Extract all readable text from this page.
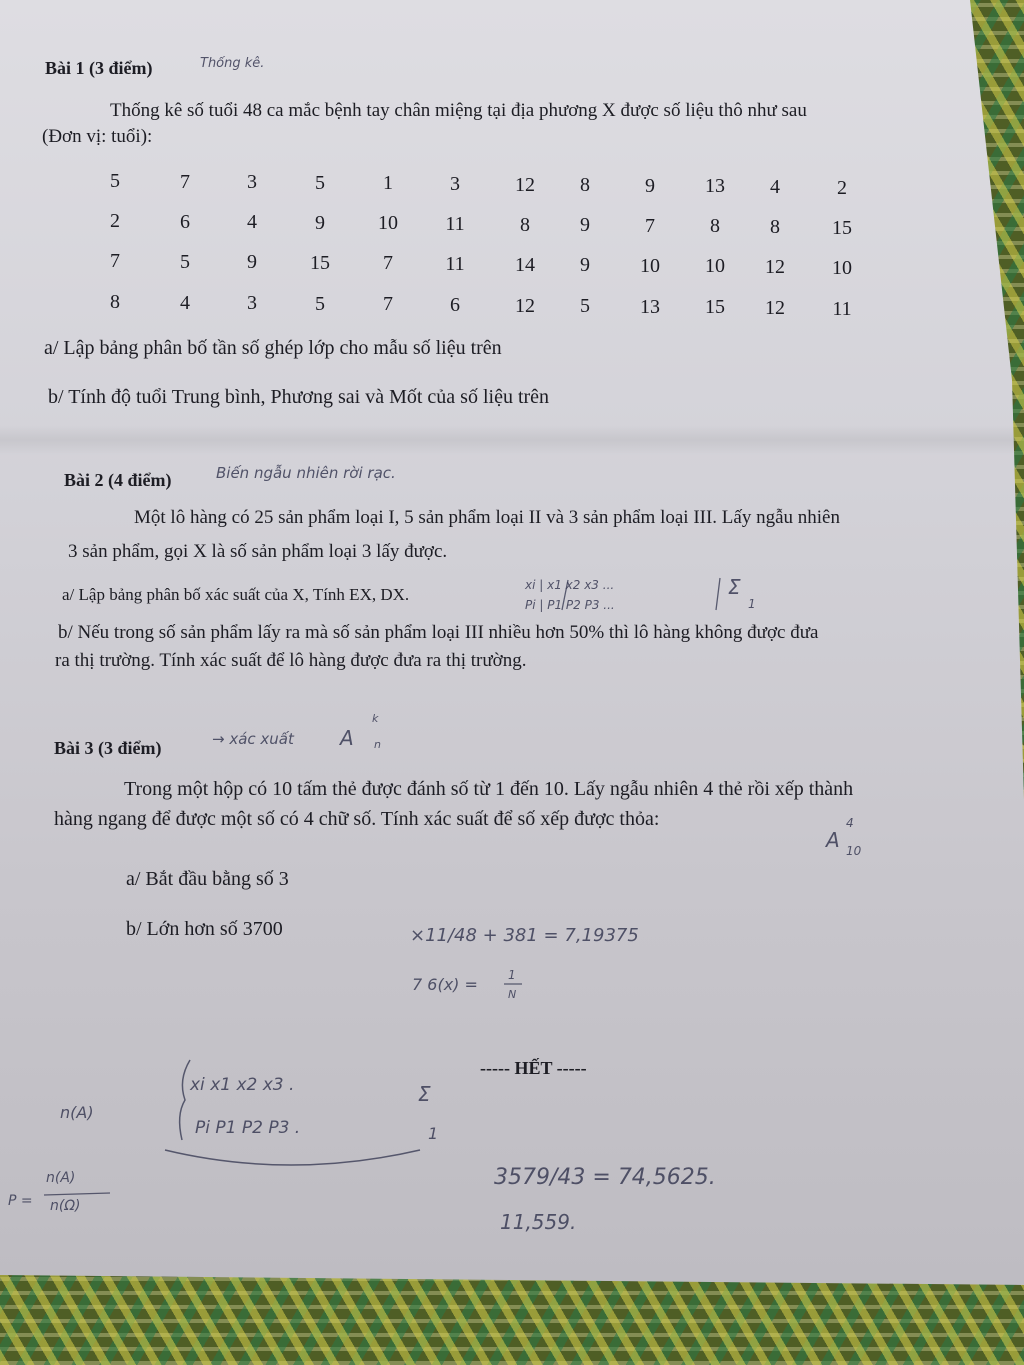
Bài 1 (3 điểm)	Thống kê.
Thống kê số tuổi 48 ca mắc bệnh tay chân miệng tại địa phương X được số liệu thô như sau
(Đơn vị: tuổi):
5	7	3	5	1	3	12	8	9	13	4	2
2	6	4	9	10	11	8	9	7	8	8	15
7	5	9	15	7	11	14	9	10	10	12	10
8	4	3	5	7	6	12	5	13	15	12	11
a/ Lập bảng phân bố tần số ghép lớp cho mẫu số liệu trên
b/ Tính độ tuổi Trung bình, Phương sai và Mốt của số liệu trên
Bài 2 (4 điểm)	Biến ngẫu nhiên rời rạc.
Một lô hàng có 25 sản phẩm loại I, 5 sản phẩm loại II và 3 sản phẩm loại III. Lấy ngẫu nhiên
3 sản phẩm, gọi X là số sản phẩm loại 3 lấy được.
a/ Lập bảng phân bố xác suất của X, Tính EX, DX.	xi | x1 x2 x3 ...
Pi | P1 P2 P3 ...
Σ
1
b/ Nếu trong số sản phẩm lấy ra mà số sản phẩm loại III nhiều hơn 50% thì lô hàng không được đưa
ra thị trường. Tính xác suất để lô hàng được đưa ra thị trường.
Bài 3 (3 điểm)	→ xác xuất A
k
n
Trong một hộp có 10 tấm thẻ được đánh số từ 1 đến 10. Lấy ngẫu nhiên 4 thẻ rồi xếp thành
hàng ngang để được một số có 4 chữ số. Tính xác suất để số xếp được thỏa:
A
4
10
a/ Bắt đầu bằng số 3
b/ Lớn hơn số 3700	×11/48 + 381 = 7,19375
7 6(x) =	1
N
----- HẾT -----
n(A)
xi x1 x2 x3 .
Pi P1 P2 P3 .
Σ
1
P =
n(A)
n(Ω)
3579/43 = 74,5625.
11,559.
